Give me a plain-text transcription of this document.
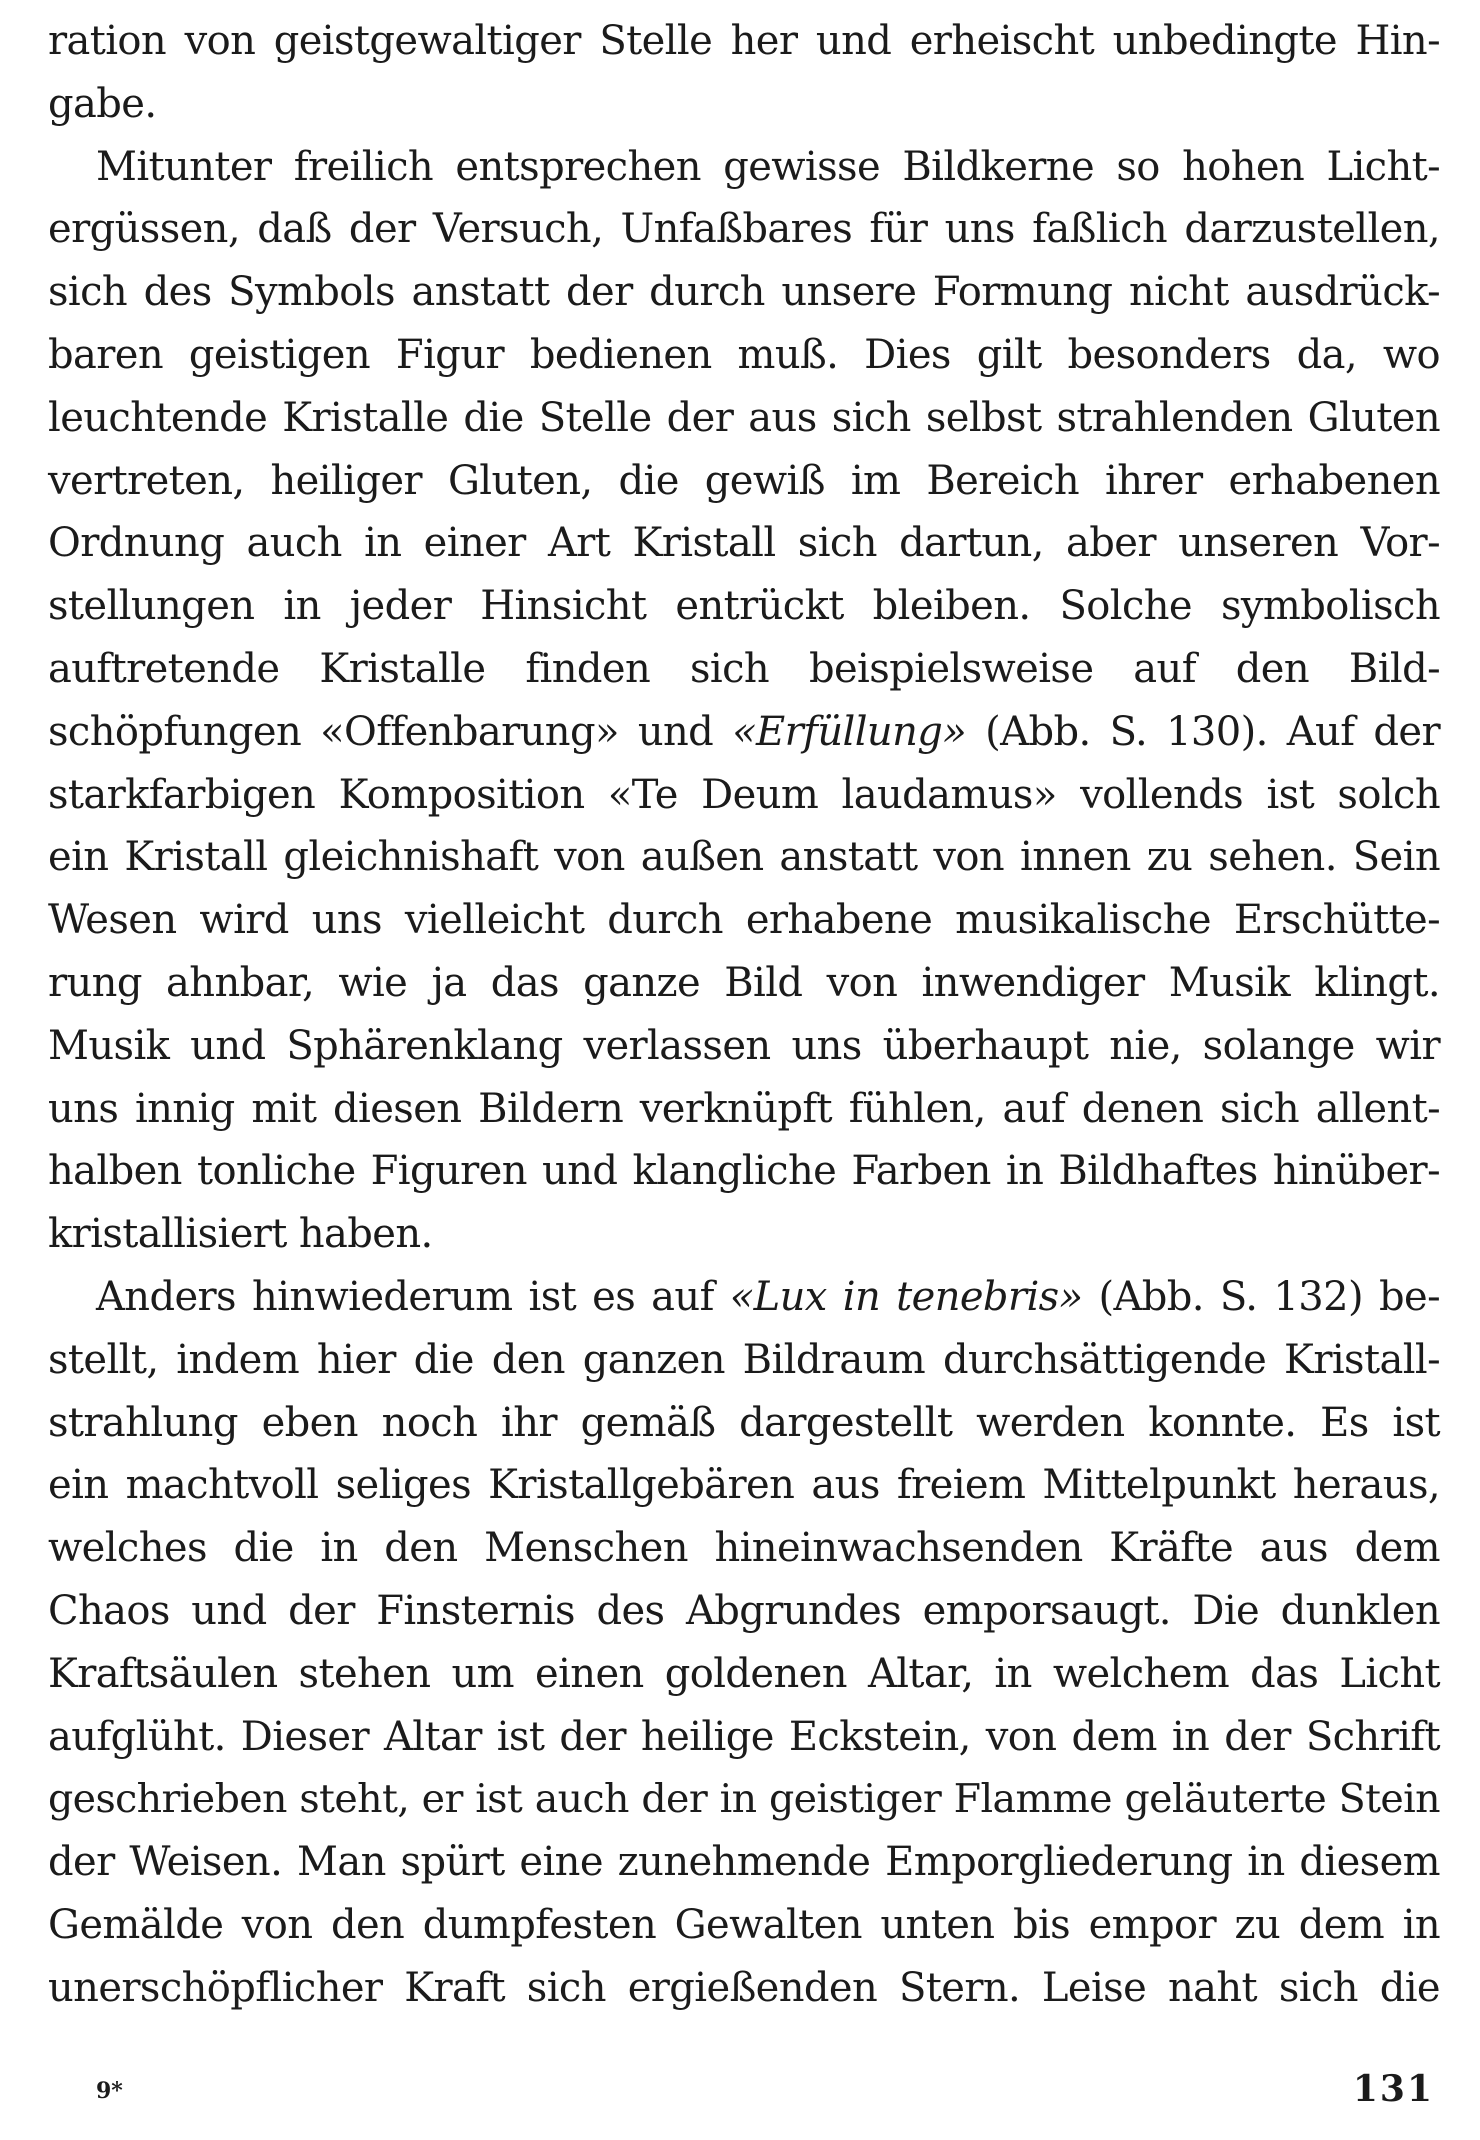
ration von geistgewaltiger Stelle her und erheischt unbedingte Hin-
gabe.
Mitunter freilich entsprechen gewisse Bildkerne so hohen Licht-
ergüssen, daß der Versuch, Unfaßbares für uns faßlich darzustellen,
sich des Symbols anstatt der durch unsere Formung nicht ausdrück-
baren geistigen Figur bedienen muß. Dies gilt besonders da, wo
leuchtende Kristalle die Stelle der aus sich selbst strahlenden Gluten
vertreten, heiliger Gluten, die gewiß im Bereich ihrer erhabenen
Ordnung auch in einer Art Kristall sich dartun, aber unseren Vor-
stellungen in jeder Hinsicht entrückt bleiben. Solche symbolisch
auftretende Kristalle finden sich beispielsweise auf den Bild-
schöpfungen «Offenbarung» und «Erfüllung» (Abb. S. 130). Auf der
starkfarbigen Komposition «Te Deum laudamus» vollends ist solch
ein Kristall gleichnishaft von außen anstatt von innen zu sehen. Sein
Wesen wird uns vielleicht durch erhabene musikalische Erschütte-
rung ahnbar, wie ja das ganze Bild von inwendiger Musik klingt.
Musik und Sphärenklang verlassen uns überhaupt nie, solange wir
uns innig mit diesen Bildern verknüpft fühlen, auf denen sich allent-
halben tonliche Figuren und klangliche Farben in Bildhaftes hinüber-
kristallisiert haben.
Anders hinwiederum ist es auf «Lux in tenebris» (Abb. S. 132) be-
stellt, indem hier die den ganzen Bildraum durchsättigende Kristall-
strahlung eben noch ihr gemäß dargestellt werden konnte. Es ist
ein machtvoll seliges Kristallgebären aus freiem Mittelpunkt heraus,
welches die in den Menschen hineinwachsenden Kräfte aus dem
Chaos und der Finsternis des Abgrundes emporsaugt. Die dunklen
Kraftsäulen stehen um einen goldenen Altar, in welchem das Licht
aufglüht. Dieser Altar ist der heilige Eckstein, von dem in der Schrift
geschrieben steht, er ist auch der in geistiger Flamme geläuterte Stein
der Weisen. Man spürt eine zunehmende Emporgliederung in diesem
Gemälde von den dumpfesten Gewalten unten bis empor zu dem in
unerschöpflicher Kraft sich ergießenden Stern. Leise naht sich die
9*	131
